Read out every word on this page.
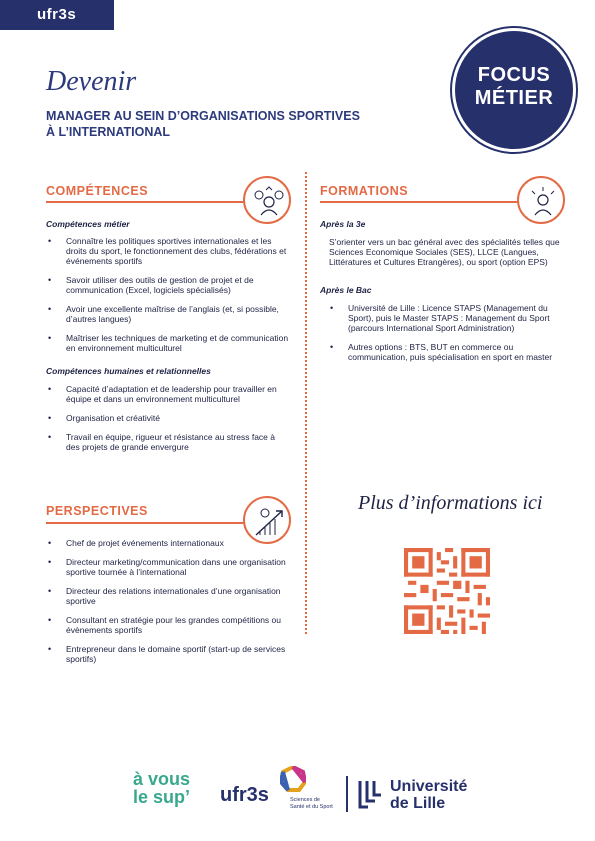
ufr3s
Devenir
MANAGER AU SEIN D’ORGANISATIONS SPORTIVES
À L’INTERNATIONAL
FOCUS
MÉTIER
COMPÉTENCES
Compétences métier
• Connaître les politiques sportives internationales et les droits du sport, le fonctionnement des clubs, fédérations et événements sportifs
• Savoir utiliser des outils de gestion de projet et de communication (Excel, logiciels spécialisés)
• Avoir une excellente maîtrise de l’anglais (et, si possible, d’autres langues)
• Maîtriser les techniques de marketing et de communication en environnement multiculturel
Compétences humaines et relationnelles
• Capacité d’adaptation et de leadership pour travailler en équipe et dans un environnement multiculturel
• Organisation et créativité
• Travail en équipe, rigueur et résistance au stress face à des projets de grande envergure
FORMATIONS
Après la 3e
S’orienter vers un bac général avec des spécialités telles que Sciences Economique Sociales (SES), LLCE (Langues, Littératures et Cultures Etrangères), ou sport (option EPS)
Après le Bac
• Université de Lille : Licence STAPS (Management du Sport), puis le Master STAPS : Management du Sport (parcours International Sport Administration)
• Autres options : BTS, BUT en commerce ou communication, puis spécialisation en sport en master
PERSPECTIVES
• Chef de projet événements internationaux
• Directeur marketing/communication dans une organisation sportive tournée à l’international
• Directeur des relations internationales d’une organisation sportive
• Consultant en stratégie pour les grandes compétitions ou évènements sportifs
• Entrepreneur dans le domaine sportif (start-up de services sportifs)
Plus d’informations ici
à vous
le sup’ ufr3s	Sciences de Santé et du Sport
Université
de Lille
